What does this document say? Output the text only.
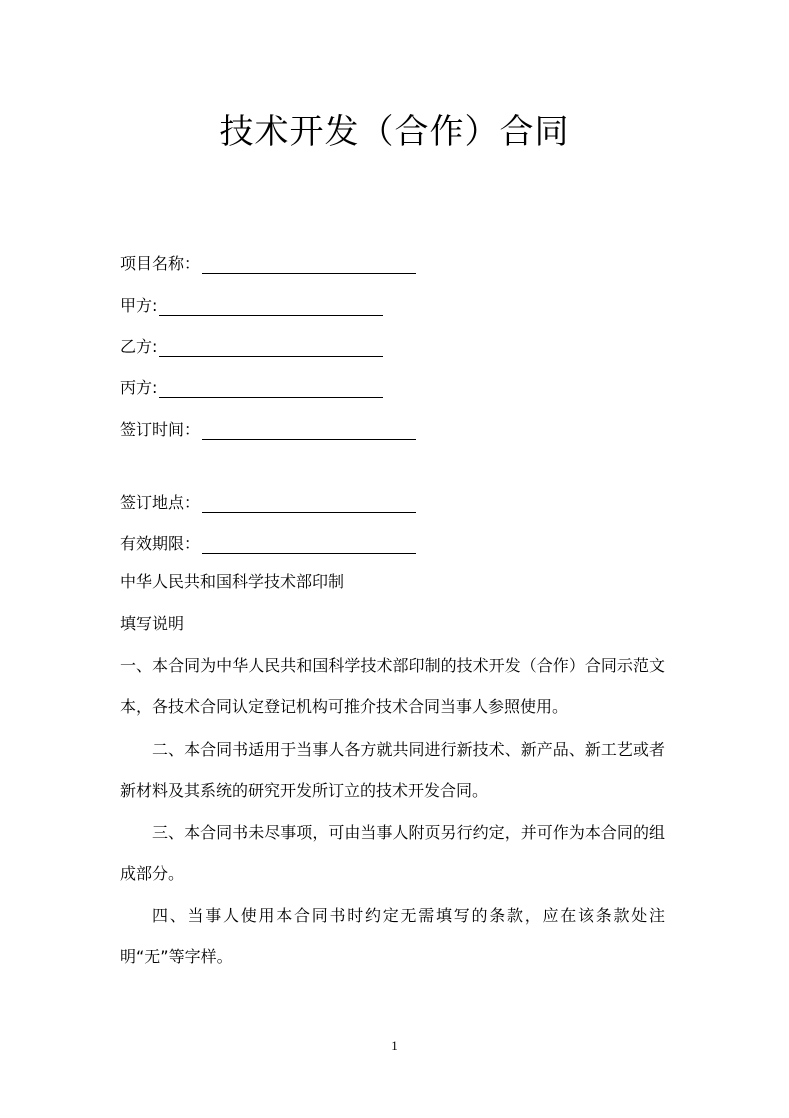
技术开发（合作）合同
项目名称：
甲方:
乙方:
丙方:
签订时间：
签订地点：
有效期限：
中华人民共和国科学技术部印制
填写说明
一、本合同为中华人民共和国科学技术部印制的技术开发（合作）合同示范文本，各技术合同认定登记机构可推介技术合同当事人参照使用。
二、本合同书适用于当事人各方就共同进行新技术、新产品、新工艺或者新材料及其系统的研究开发所订立的技术开发合同。
三、本合同书未尽事项，可由当事人附页另行约定，并可作为本合同的组成部分。
四、当事人使用本合同书时约定无需填写的条款，应在该条款处注明“无”等字样。
1
